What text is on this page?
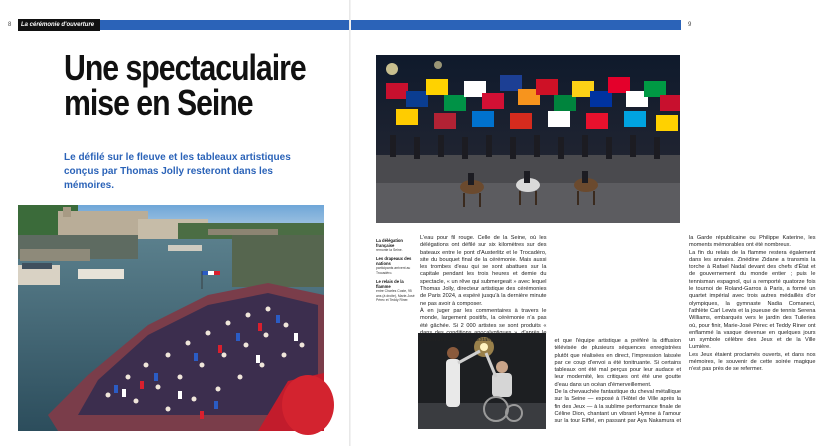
La cérémonie d'ouverture
8	9
Une spectaculaire
mise en Seine

Le défilé sur le fleuve et les tableaux artistiques conçus par Thomas Jolly resteront dans les mémoires.

La délégation française
remonte la Seine.
Les drapeaux des nations
participants arrivent au Trocadéro.
Le relais de la flamme
entre Charles Coste, 95 ans (à droite), Marie-José Pérec et Teddy Riner.

L'eau pour fil rouge. Celle de la Seine, où les délégations ont défilé sur six kilomètres sur des bateaux entre le pont d'Austerlitz et le Trocadéro, site du bouquet final de la cérémonie. Mais aussi les trombes d'eau qui se sont abattues sur la capitale pendant les trois heures et demie du spectacle, « un rêve qui submergeait » avec lequel Thomas Jolly, directeur artistique des cérémonies de Paris 2024, a espéré jusqu'à la dernière minute ne pas avoir à composer.

À en juger par les commentaires à travers le monde, largement positifs, la cérémonie n'a pas été gâchée. Si 2 000 artistes se sont produits « dans des conditions apocalyptiques », d'après le patron des Jeux, Tony Estanguet,	et que l'équipe artistique a préféré la diffusion télévisée de plusieurs séquences enregistrées plutôt que réalisées en direct, l'impression laissée par ce coup d'envoi a été tonitruante. Si certains tableaux ont été mal perçus pour leur audace et leur modernité, les critiques ont été une goutte d'eau dans un océan d'émerveillement.

De la chevauchée fantastique du cheval métallique sur la Seine — exposé à l'Hôtel de Ville après la fin des Jeux — à la sublime performance finale de Céline Dion, chantant un vibrant Hymne à l'amour sur la tour Eiffel, en passant par Aya Nakamura et la Garde républicaine ou Philippe Katerine, les moments mémorables ont été nombreux.

La fin du relais de la flamme restera également dans les annales. Zinédine Zidane a transmis la torche à Rafael Nadal devant des chefs d'État et de gouvernement du monde entier ; puis le tennisman espagnol, qui a remporté quatorze fois le tournoi de Roland-Garros à Paris, a formé un quartet impérial avec trois autres médaillés d'or olympiques, la gymnaste Nadia Comaneci, l'athlète Carl Lewis et la joueuse de tennis Serena Williams, embarqués vers le jardin des Tuileries où, pour finir, Marie-José Pérec et Teddy Riner ont enflammé la vasque devenue en quelques jours un symbole célèbre des Jeux et de la Ville Lumière.

Les Jeux étaient proclamés ouverts, et dans nos mémoires, le souvenir de cette soirée magique n'est pas près de se refermer.
